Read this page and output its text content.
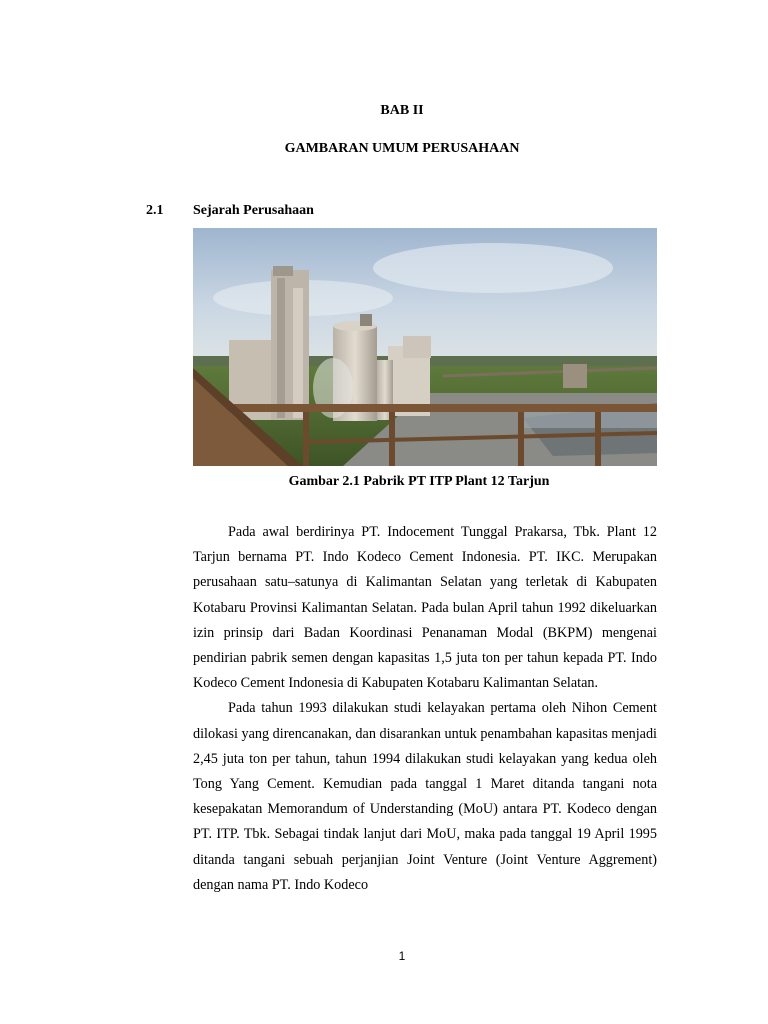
BAB II
GAMBARAN UMUM PERUSAHAAN
2.1 Sejarah Perusahaan
Gambar 2.1 Pabrik PT ITP Plant 12 Tarjun

Pada awal berdirinya PT. Indocement Tunggal Prakarsa, Tbk. Plant 12 Tarjun bernama PT. Indo Kodeco Cement Indonesia. PT. IKC. Merupakan perusahaan satu–satunya di Kalimantan Selatan yang terletak di Kabupaten Kotabaru Provinsi Kalimantan Selatan. Pada bulan April tahun 1992 dikeluarkan izin prinsip dari Badan Koordinasi Penanaman Modal (BKPM) mengenai pendirian pabrik semen dengan kapasitas 1,5 juta ton per tahun kepada PT. Indo Kodeco Cement Indonesia di Kabupaten Kotabaru Kalimantan Selatan.

Pada tahun 1993 dilakukan studi kelayakan pertama oleh Nihon Cement dilokasi yang direncanakan, dan disarankan untuk penambahan kapasitas menjadi 2,45 juta ton per tahun, tahun 1994 dilakukan studi kelayakan yang kedua oleh Tong Yang Cement. Kemudian pada tanggal 1 Maret ditanda tangani nota kesepakatan Memorandum of Understanding (MoU) antara PT. Kodeco dengan PT. ITP. Tbk. Sebagai tindak lanjut dari MoU, maka pada tanggal 19 April 1995 ditanda tangani sebuah perjanjian Joint Venture (Joint Venture Aggrement) dengan nama PT. Indo Kodeco

1
